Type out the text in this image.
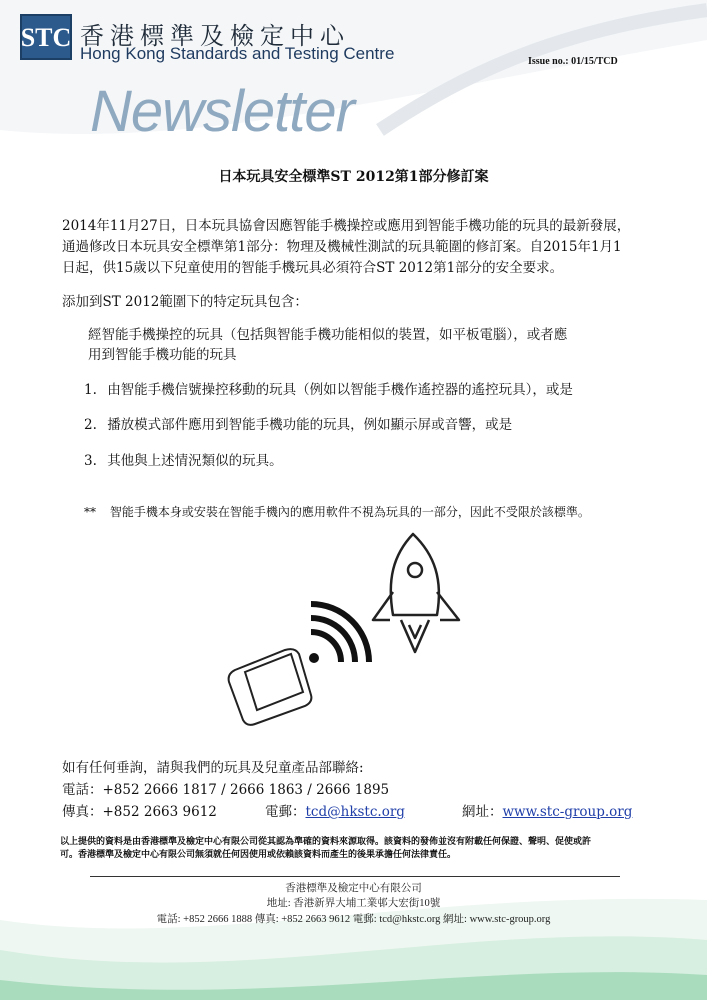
STC 香港標準及檢定中心
Hong Kong Standards and Testing Centre	Issue no.: 01/15/TCD
Newsletter
日本玩具安全標準ST 2012第1部分修訂案
2014年11月27日，日本玩具協會因應智能手機操控或應用到智能手機功能的玩具的最新發展，
通過修改日本玩具安全標準第1部分：物理及機械性測試的玩具範圍的修訂案。自2015年1月1
日起，供15歲以下兒童使用的智能手機玩具必須符合ST 2012第1部分的安全要求。
添加到ST 2012範圍下的特定玩具包含：
經智能手機操控的玩具（包括與智能手機功能相似的裝置，如平板電腦），或者應
用到智能手機功能的玩具
1. 由智能手機信號操控移動的玩具（例如以智能手機作遙控器的遙控玩具），或是
2. 播放模式部件應用到智能手機功能的玩具，例如顯示屏或音響，或是
3. 其他與上述情況類似的玩具。
** 智能手機本身或安裝在智能手機內的應用軟件不視為玩具的一部分，因此不受限於該標準。
如有任何垂詢，請與我們的玩具及兒童產品部聯絡:
電話：+852 2666 1817 / 2666 1863 / 2666 1895
傳真：+852 2663 9612	電郵：tcd@hkstc.org	網址：www.stc-group.org
以上提供的資料是由香港標準及檢定中心有限公司從其認為準確的資料來源取得。該資料的發佈並沒有附載任何保證、聲明、促使或許
可。香港標準及檢定中心有限公司無須就任何因使用或依賴該資料而產生的後果承擔任何法律責任。
香港標準及檢定中心有限公司
地址: 香港新界大埔工業邨大宏街10號
電話: +852 2666 1888 傳真: +852 2663 9612 電郵: tcd@hkstc.org 網址: www.stc-group.org
